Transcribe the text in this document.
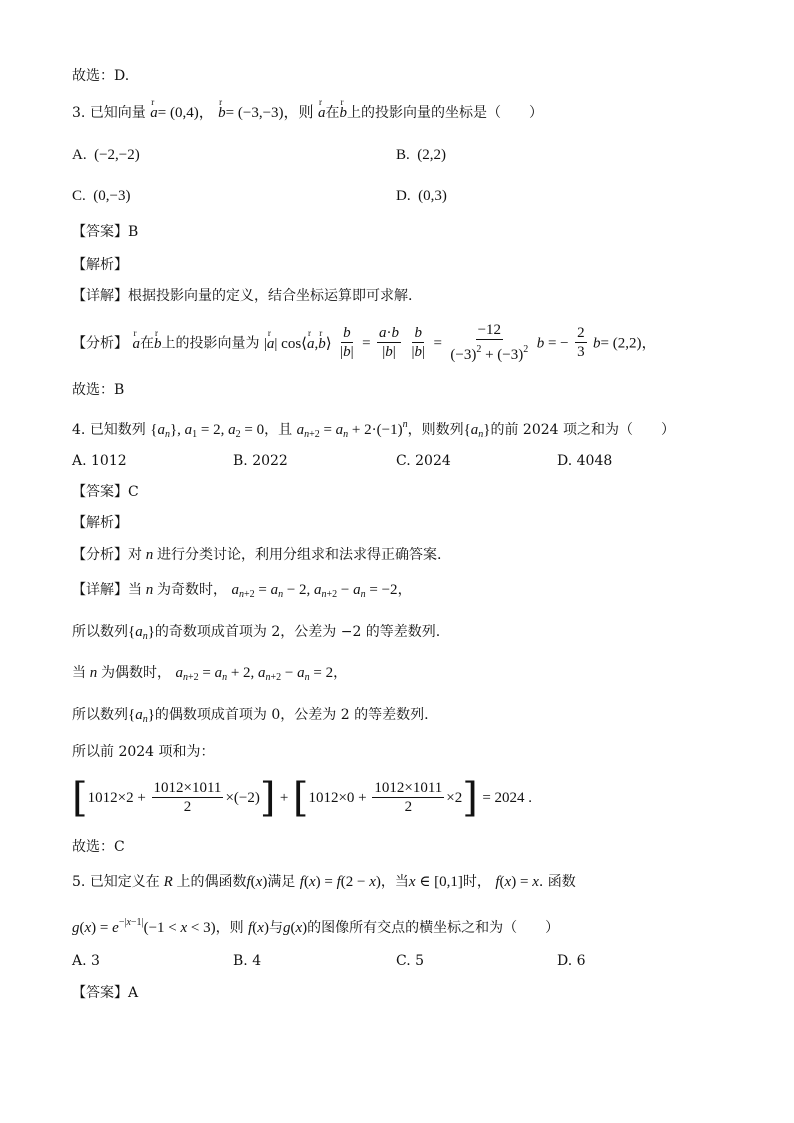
故选：D.
3. 已知向量 r a= (0,4)， r b= (−3,−3)，则 r a在r b上的投影向量的坐标是（　　）
A. (−2,−2)	B. (2,2)
C. (0,−3)	D. (0,3)
【答案】B
【解析】
【详解】根据投影向量的定义，结合坐标运算即可求解.
【分析】 r a在r b上的投影向量为 |r a| cos⟨r a,r b⟩ $\frac{b}{|b|} = \frac{a\cdot b}{|b|}$
$\frac{b}{|b|} = \frac{-12}{(-3)^2 + (-3)^2}$ b = − $\frac{2}{3} b= (2,2)$，
故选：B
4. 已知数列 $\{a_n\}$, $a_1 = 2$, $a_2 = 0$，且 $a_{n+2} = a_n + 2\cdot(-1)^n$，则数列$\{a_n\}$的前 2024 项之和为（　　）
A. 1012	B. 2022	C. 2024	D. 4048
【答案】C
【解析】
【分析】对 n 进行分类讨论，利用分组求和法求得正确答案.
【详解】当 n 为奇数时， $a_{n+2} = a_n - 2$, $a_{n+2} - a_n = -2$，
所以数列$\{a_n\}$的奇数项成首项为 2，公差为 −2 的等差数列.
当 n 为偶数时， $a_{n+2} = a_n + 2$, $a_{n+2} - a_n = 2$，
所以数列$\{a_n\}$的偶数项成首项为 0，公差为 2 的等差数列.
所以前 2024 项和为：
$[1012\times 2 + \frac{1012\times 1011}{2} \times(-2)] + [1012\times 0 + \frac{1012\times 1011}{2} \times 2] = 2024$ .
故选：C
5. 已知定义在 R 上的偶函数f(x)满足 f(x) = f(2 − x)，当x ∈ [0,1]时， f(x) = x. 函数
$g(x) = e^{-|x-1|}(-1 < x < 3)$，则 f(x)与g(x)的图像所有交点的横坐标之和为（　　）
A. 3	B. 4	C. 5	D. 6
【答案】A
